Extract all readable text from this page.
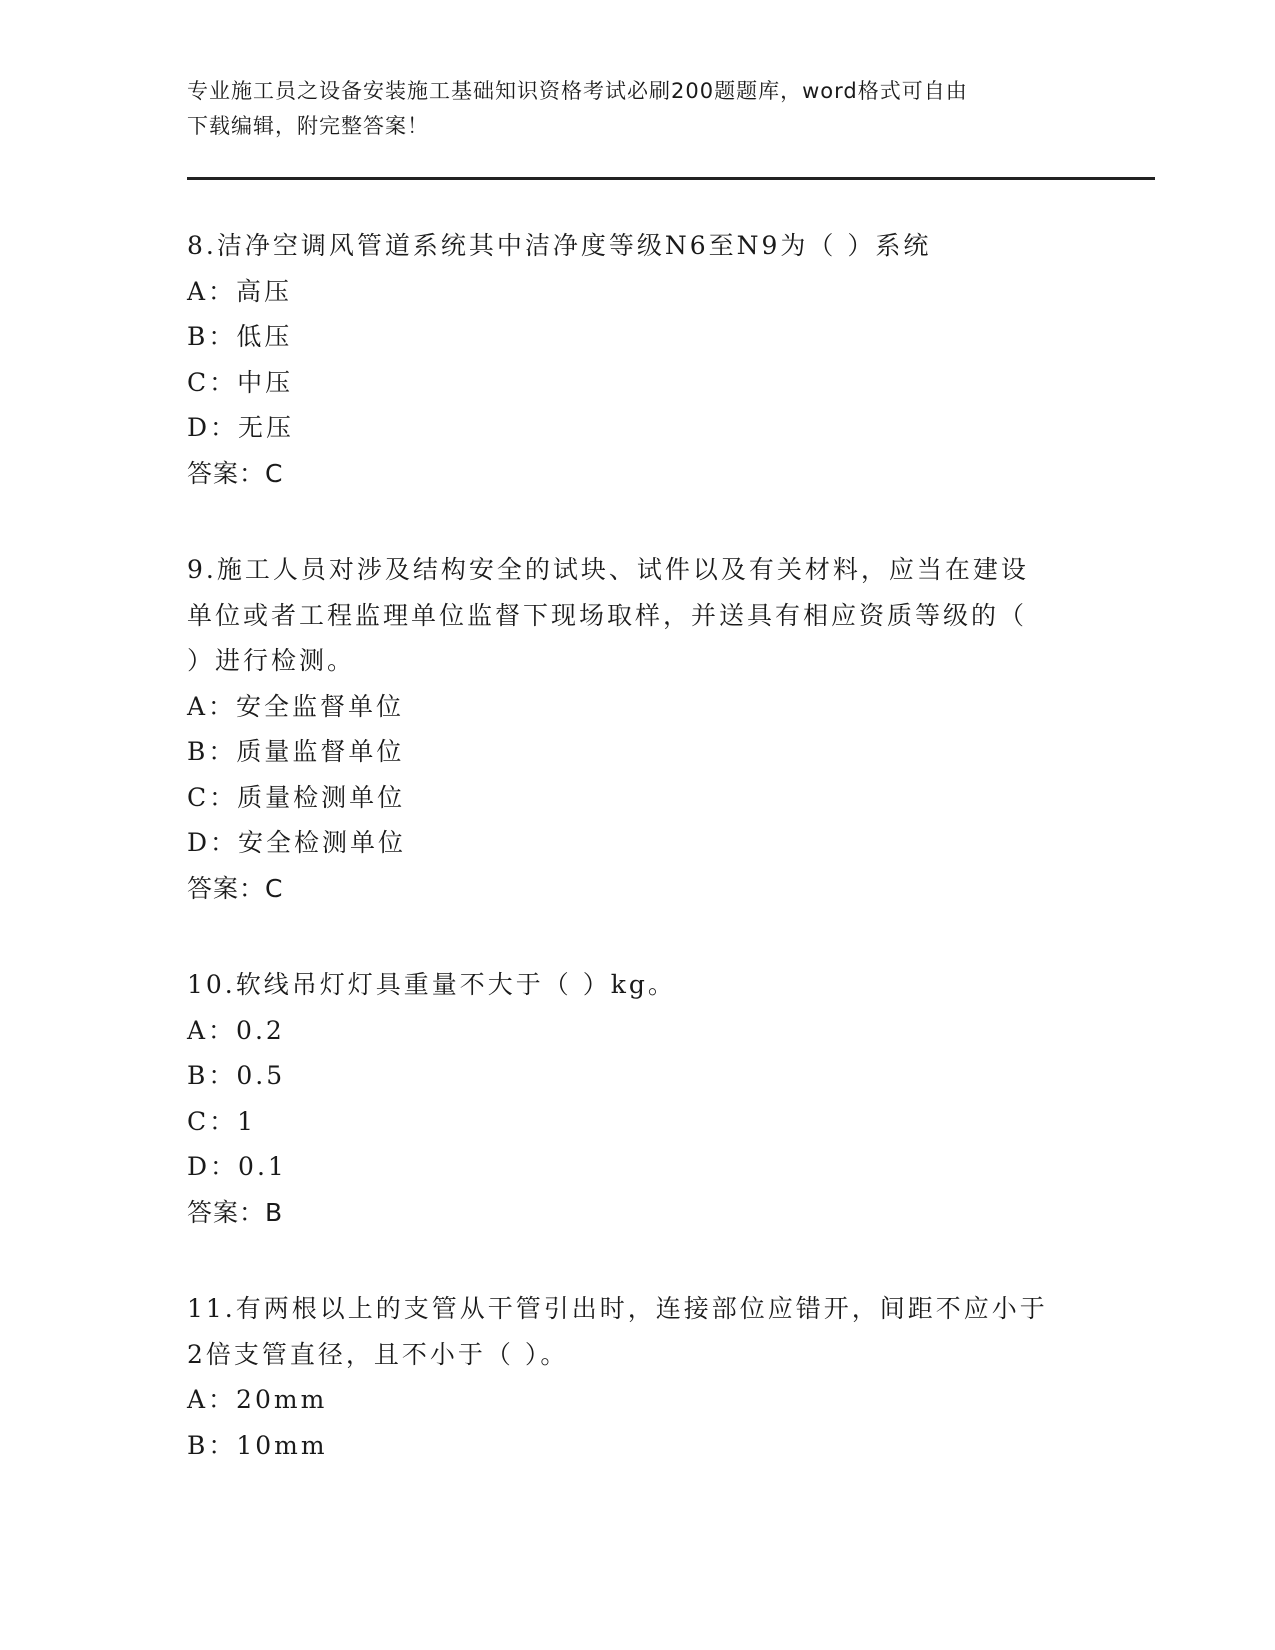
专业施工员之设备安装施工基础知识资格考试必刷200题题库，word格式可自由
下载编辑，附完整答案！
8.洁净空调风管道系统其中洁净度等级N6至N9为（ ）系统
A：高压
B：低压
C：中压
D：无压
答案：C
9.施工人员对涉及结构安全的试块、试件以及有关材料，应当在建设
单位或者工程监理单位监督下现场取样，并送具有相应资质等级的（
）进行检测。
A：安全监督单位
B：质量监督单位
C：质量检测单位
D：安全检测单位
答案：C
10.软线吊灯灯具重量不大于（ ）kg。
A：0.2
B：0.5
C：1
D：0.1
答案：B
11.有两根以上的支管从干管引出时，连接部位应错开，间距不应小于
2倍支管直径，且不小于（ ）。
A：20mm
B：10mm
